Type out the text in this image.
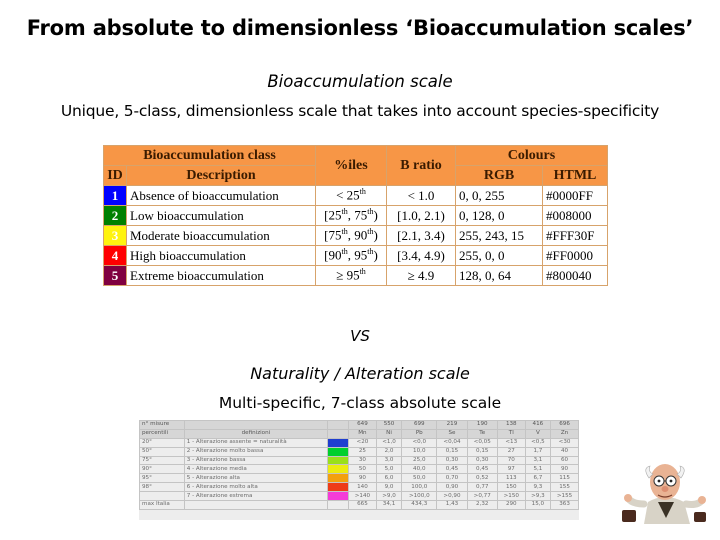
From absolute to dimensionless ‘Bioaccumulation scales’
Bioaccumulation scale
Unique, 5-class, dimensionless scale that takes into account species-specificity
Bioaccumulation class		%iles	B ratio	Colours	
ID	Description			RGB	HTML
1	Absence of bioaccumulation	< 25th	< 1.0	0, 0, 255	#0000FF
2	Low bioaccumulation	[25th, 75th)	[1.0, 2.1)	0, 128, 0	#008000
3	Moderate bioaccumulation	[75th, 90th)	[2.1, 3.4)	255, 243, 15	#FFF30F
4	High bioaccumulation	[90th, 95th)	[3.4, 4.9)	255, 0, 0	#FF0000
5	Extreme bioaccumulation	≥ 95th	≥ 4.9	128, 0, 64	#800040
VS
Naturality / Alteration scale
Multi-specific, 7-class absolute scale
n° misure			649	550	699	219	190	138	416	696
percentili	definizioni		Mn	Ni	Pb	Se	Te	Tl	V	Zn
20°	1 - Alterazione assente = naturalità		<20	<1,0	<0,0	<0,04	<0,05	<13	<0,5	<30
50°	2 - Alterazione molto bassa		25	2,0	10,0	0,15	0,15	27	1,7	40
75°	3 - Alterazione bassa		30	3,0	25,0	0,30	0,30	70	3,1	60
90°	4 - Alterazione media		50	5,0	40,0	0,45	0,45	97	5,1	90
95°	5 - Alterazione alta		90	6,0	50,0	0,70	0,52	113	6,7	115
98°	6 - Alterazione molto alta		140	9,0	100,0	0,90	0,77	150	9,3	155
	7 - Alterazione estrema		>140	>9,0	>100,0	>0,90	>0,77	>150	>9,3	>155
max Italia			665	34,1	434,3	1,43	2,32	290	15,0	363
